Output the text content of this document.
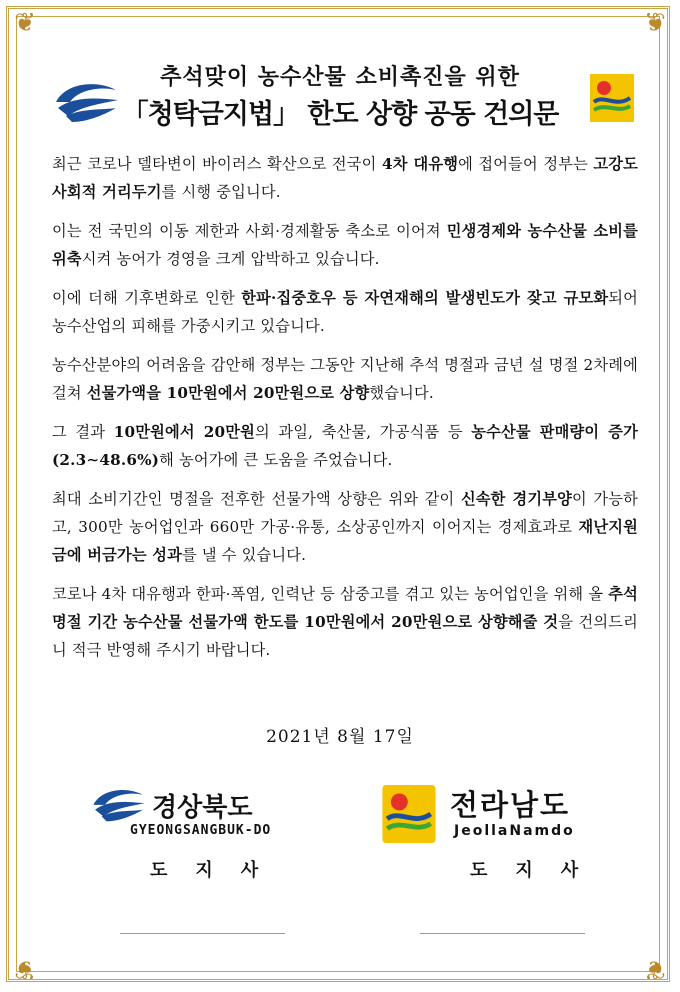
❦	❦
❦	❦
추석맞이 농수산물 소비촉진을 위한
「청탁금지법」 한도 상향 공동 건의문

최근 코로나 델타변이 바이러스 확산으로 전국이 4차 대유행에 접어들어 정부는 고강도 사회적 거리두기를 시행 중입니다.

이는 전 국민의 이동 제한과 사회·경제활동 축소로 이어져 민생경제와 농수산물 소비를 위축시켜 농어가 경영을 크게 압박하고 있습니다.

이에 더해 기후변화로 인한 한파·집중호우 등 자연재해의 발생빈도가 잦고 규모화되어 농수산업의 피해를 가중시키고 있습니다.

농수산분야의 어려움을 감안해 정부는 그동안 지난해 추석 명절과 금년 설 명절 2차례에 걸쳐 선물가액을 10만원에서 20만원으로 상향했습니다.

그 결과 10만원에서 20만원의 과일, 축산물, 가공식품 등 농수산물 판매량이 증가(2.3∼48.6%)해 농어가에 큰 도움을 주었습니다.

최대 소비기간인 명절을 전후한 선물가액 상향은 위와 같이 신속한 경기부양이 가능하고, 300만 농어업인과 660만 가공·유통, 소상공인까지 이어지는 경제효과로 재난지원금에 버금가는 성과를 낼 수 있습니다.

코로나 4차 대유행과 한파·폭염, 인력난 등 삼중고를 겪고 있는 농어업인을 위해 올 추석명절 기간 농수산물 선물가액 한도를 10만원에서 20만원으로 상향해줄 것을 건의드리니 적극 반영해 주시기 바랍니다.

2021년 8월 17일
경상북도
GYEONGSANGBUK-DO
전라남도
JeollaNamdo
도지사	도지사
